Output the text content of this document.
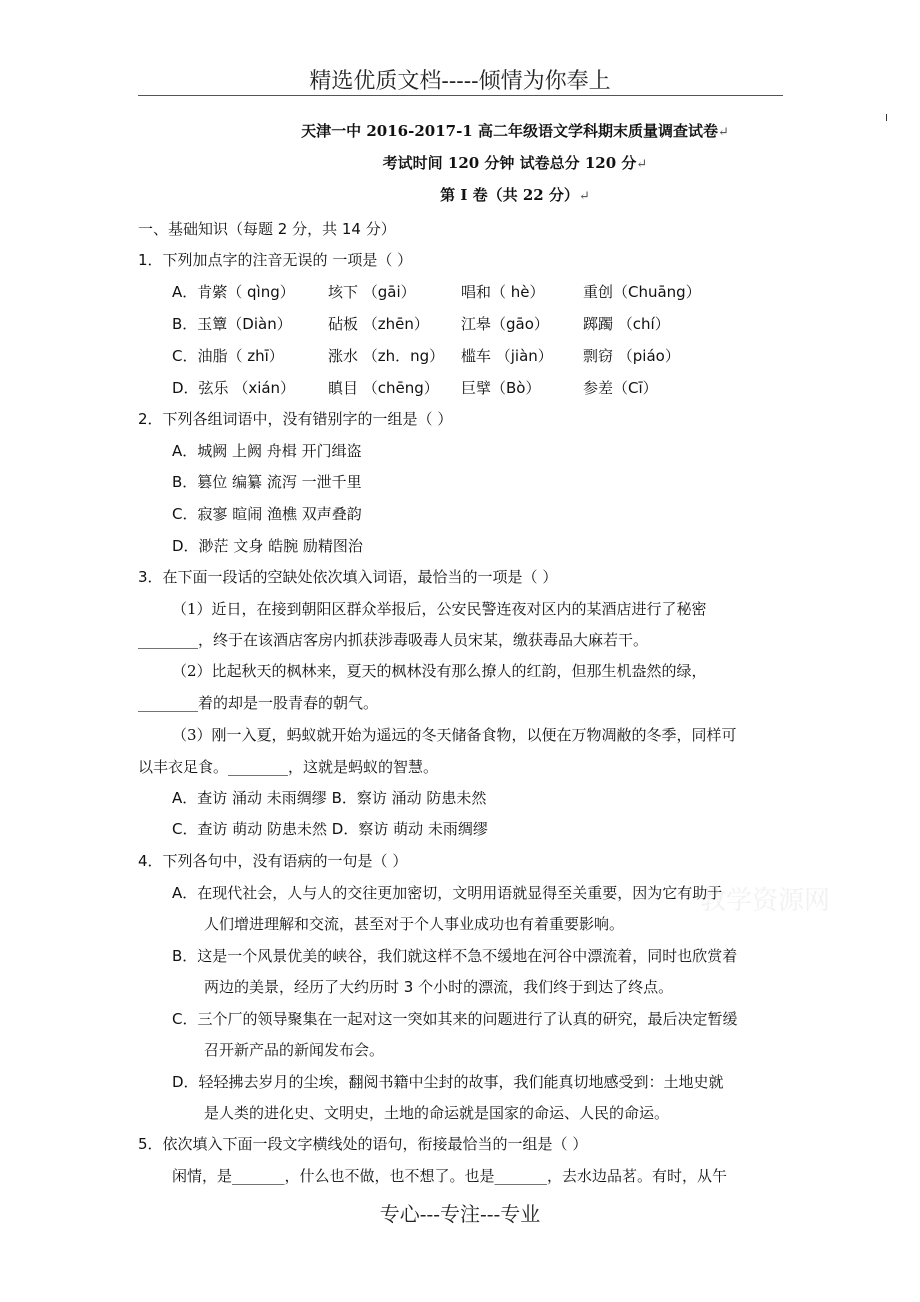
精选优质文档-----倾情为你奉上
教学资源网
天津一中 2016-2017-1 高二年级语文学科期末质量调查试卷↵
考试时间 120 分钟 试卷总分 120 分↵
第 I 卷（共 22 分）↵
一、基础知识（每题 2 分，共 14 分）
1．下列加点字的注音无误的 一项是（ ）
A．肯綮（ qìng） 垓下 （gāi）	唱和（ hè）	重创（Chuāng）
B．玉簟（Diàn） 砧板 （zhēn） 江皋（gāo） 踯躅 （chí）
C．油脂（ zhī）	涨水 （zh．ng） 槛车 （jiàn） 剽窃 （piáo）
D．弦乐 （xián） 瞋目 （chēng） 巨擘（Bò）	参差（Cī）
2．下列各组词语中，没有错别字的一组是（ ）
A．城阙 上阙 舟楫 开门缉盗
B．篡位 编纂 流泻 一泄千里
C．寂寥 暄闹 渔樵 双声叠韵
D．渺茫 文身 皓腕 励精图治
3．在下面一段话的空缺处依次填入词语，最恰当的一项是（ ）
（1）近日，在接到朝阳区群众举报后，公安民警连夜对区内的某酒店进行了秘密
________，终于在该酒店客房内抓获涉毒吸毒人员宋某，缴获毒品大麻若干。
（2）比起秋天的枫林来，夏天的枫林没有那么撩人的红韵，但那生机盎然的绿，
________着的却是一股青春的朝气。
（3）刚一入夏，蚂蚁就开始为遥远的冬天储备食物，以便在万物凋敝的冬季，同样可
以丰衣足食。________，这就是蚂蚁的智慧。
A．查访 涌动 未雨绸缪 B．察访 涌动 防患未然
C．查访 萌动 防患未然 D．察访 萌动 未雨绸缪
4．下列各句中，没有语病的一句是（ ）
A．在现代社会，人与人的交往更加密切，文明用语就显得至关重要，因为它有助于
人们增进理解和交流，甚至对于个人事业成功也有着重要影响。
B．这是一个风景优美的峡谷，我们就这样不急不缓地在河谷中漂流着，同时也欣赏着
两边的美景，经历了大约历时 3 个小时的漂流，我们终于到达了终点。
C．三个厂的领导聚集在一起对这一突如其来的问题进行了认真的研究，最后决定暂缓
召开新产品的新闻发布会。
D．轻轻拂去岁月的尘埃，翻阅书籍中尘封的故事，我们能真切地感受到：土地史就
是人类的进化史、文明史，土地的命运就是国家的命运、人民的命运。
5．依次填入下面一段文字横线处的语句，衔接最恰当的一组是（ ）
闲情，是_______，什么也不做，也不想了。也是_______，去水边品茗。有时，从午
专心---专注---专业
